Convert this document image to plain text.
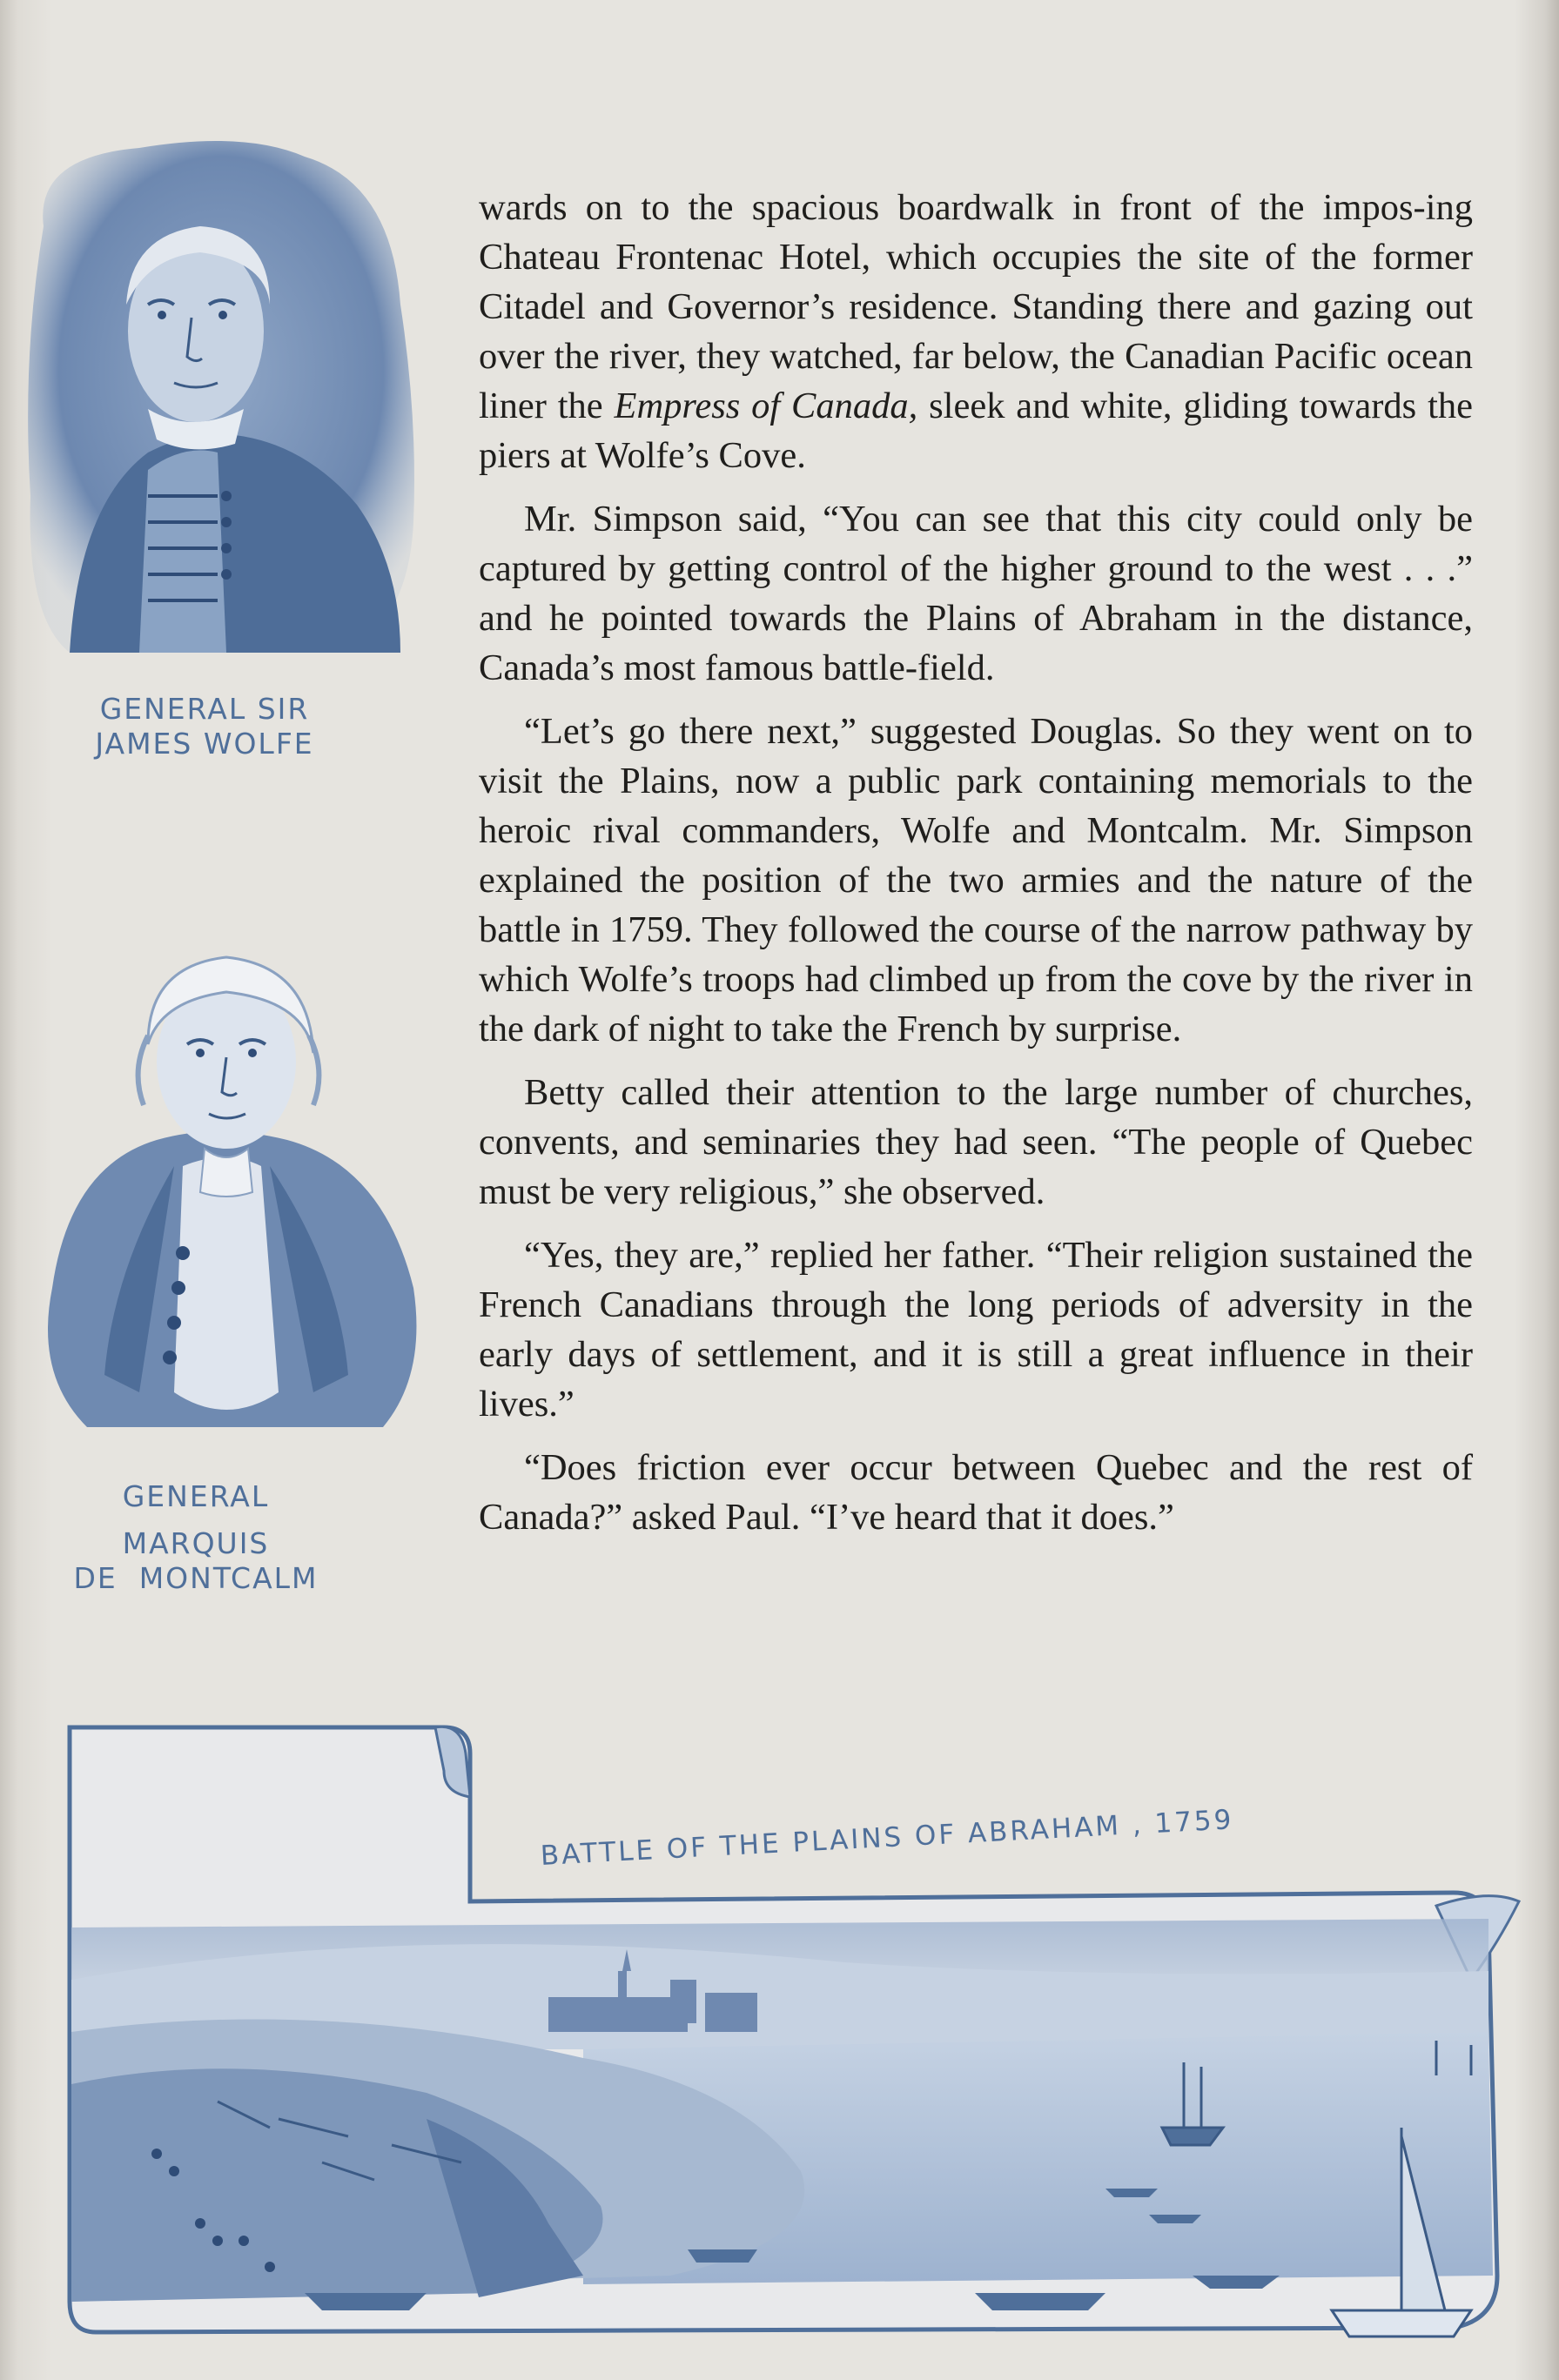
GENERAL SIR
JAMES WOLFE
GENERAL
MARQUIS
DE  MONTCALM

wards on to the spacious boardwalk in front of the impos-ing Chateau Frontenac Hotel, which occupies the site of the former Citadel and Governor’s residence. Standing there and gazing out over the river, they watched, far below, the Canadian Pacific ocean liner the Empress of Canada, sleek and white, gliding towards the piers at Wolfe’s Cove.

Mr. Simpson said, “You can see that this city could only be captured by getting control of the higher ground to the west . . .” and he pointed towards the Plains of Abraham in the distance, Canada’s most famous battle-field.

“Let’s go there next,” suggested Douglas. So they went on to visit the Plains, now a public park containing memorials to the heroic rival commanders, Wolfe and Montcalm. Mr. Simpson explained the position of the two armies and the nature of the battle in 1759. They followed the course of the narrow pathway by which Wolfe’s troops had climbed up from the cove by the river in the dark of night to take the French by surprise.

Betty called their attention to the large number of churches, convents, and seminaries they had seen. “The people of Quebec must be very religious,” she observed.

“Yes, they are,” replied her father. “Their religion sustained the French Canadians through the long periods of adversity in the early days of settlement, and it is still a great influence in their lives.”

“Does friction ever occur between Quebec and the rest of Canada?” asked Paul. “I’ve heard that it does.”

BATTLE OF THE PLAINS OF ABRAHAM , 1759
